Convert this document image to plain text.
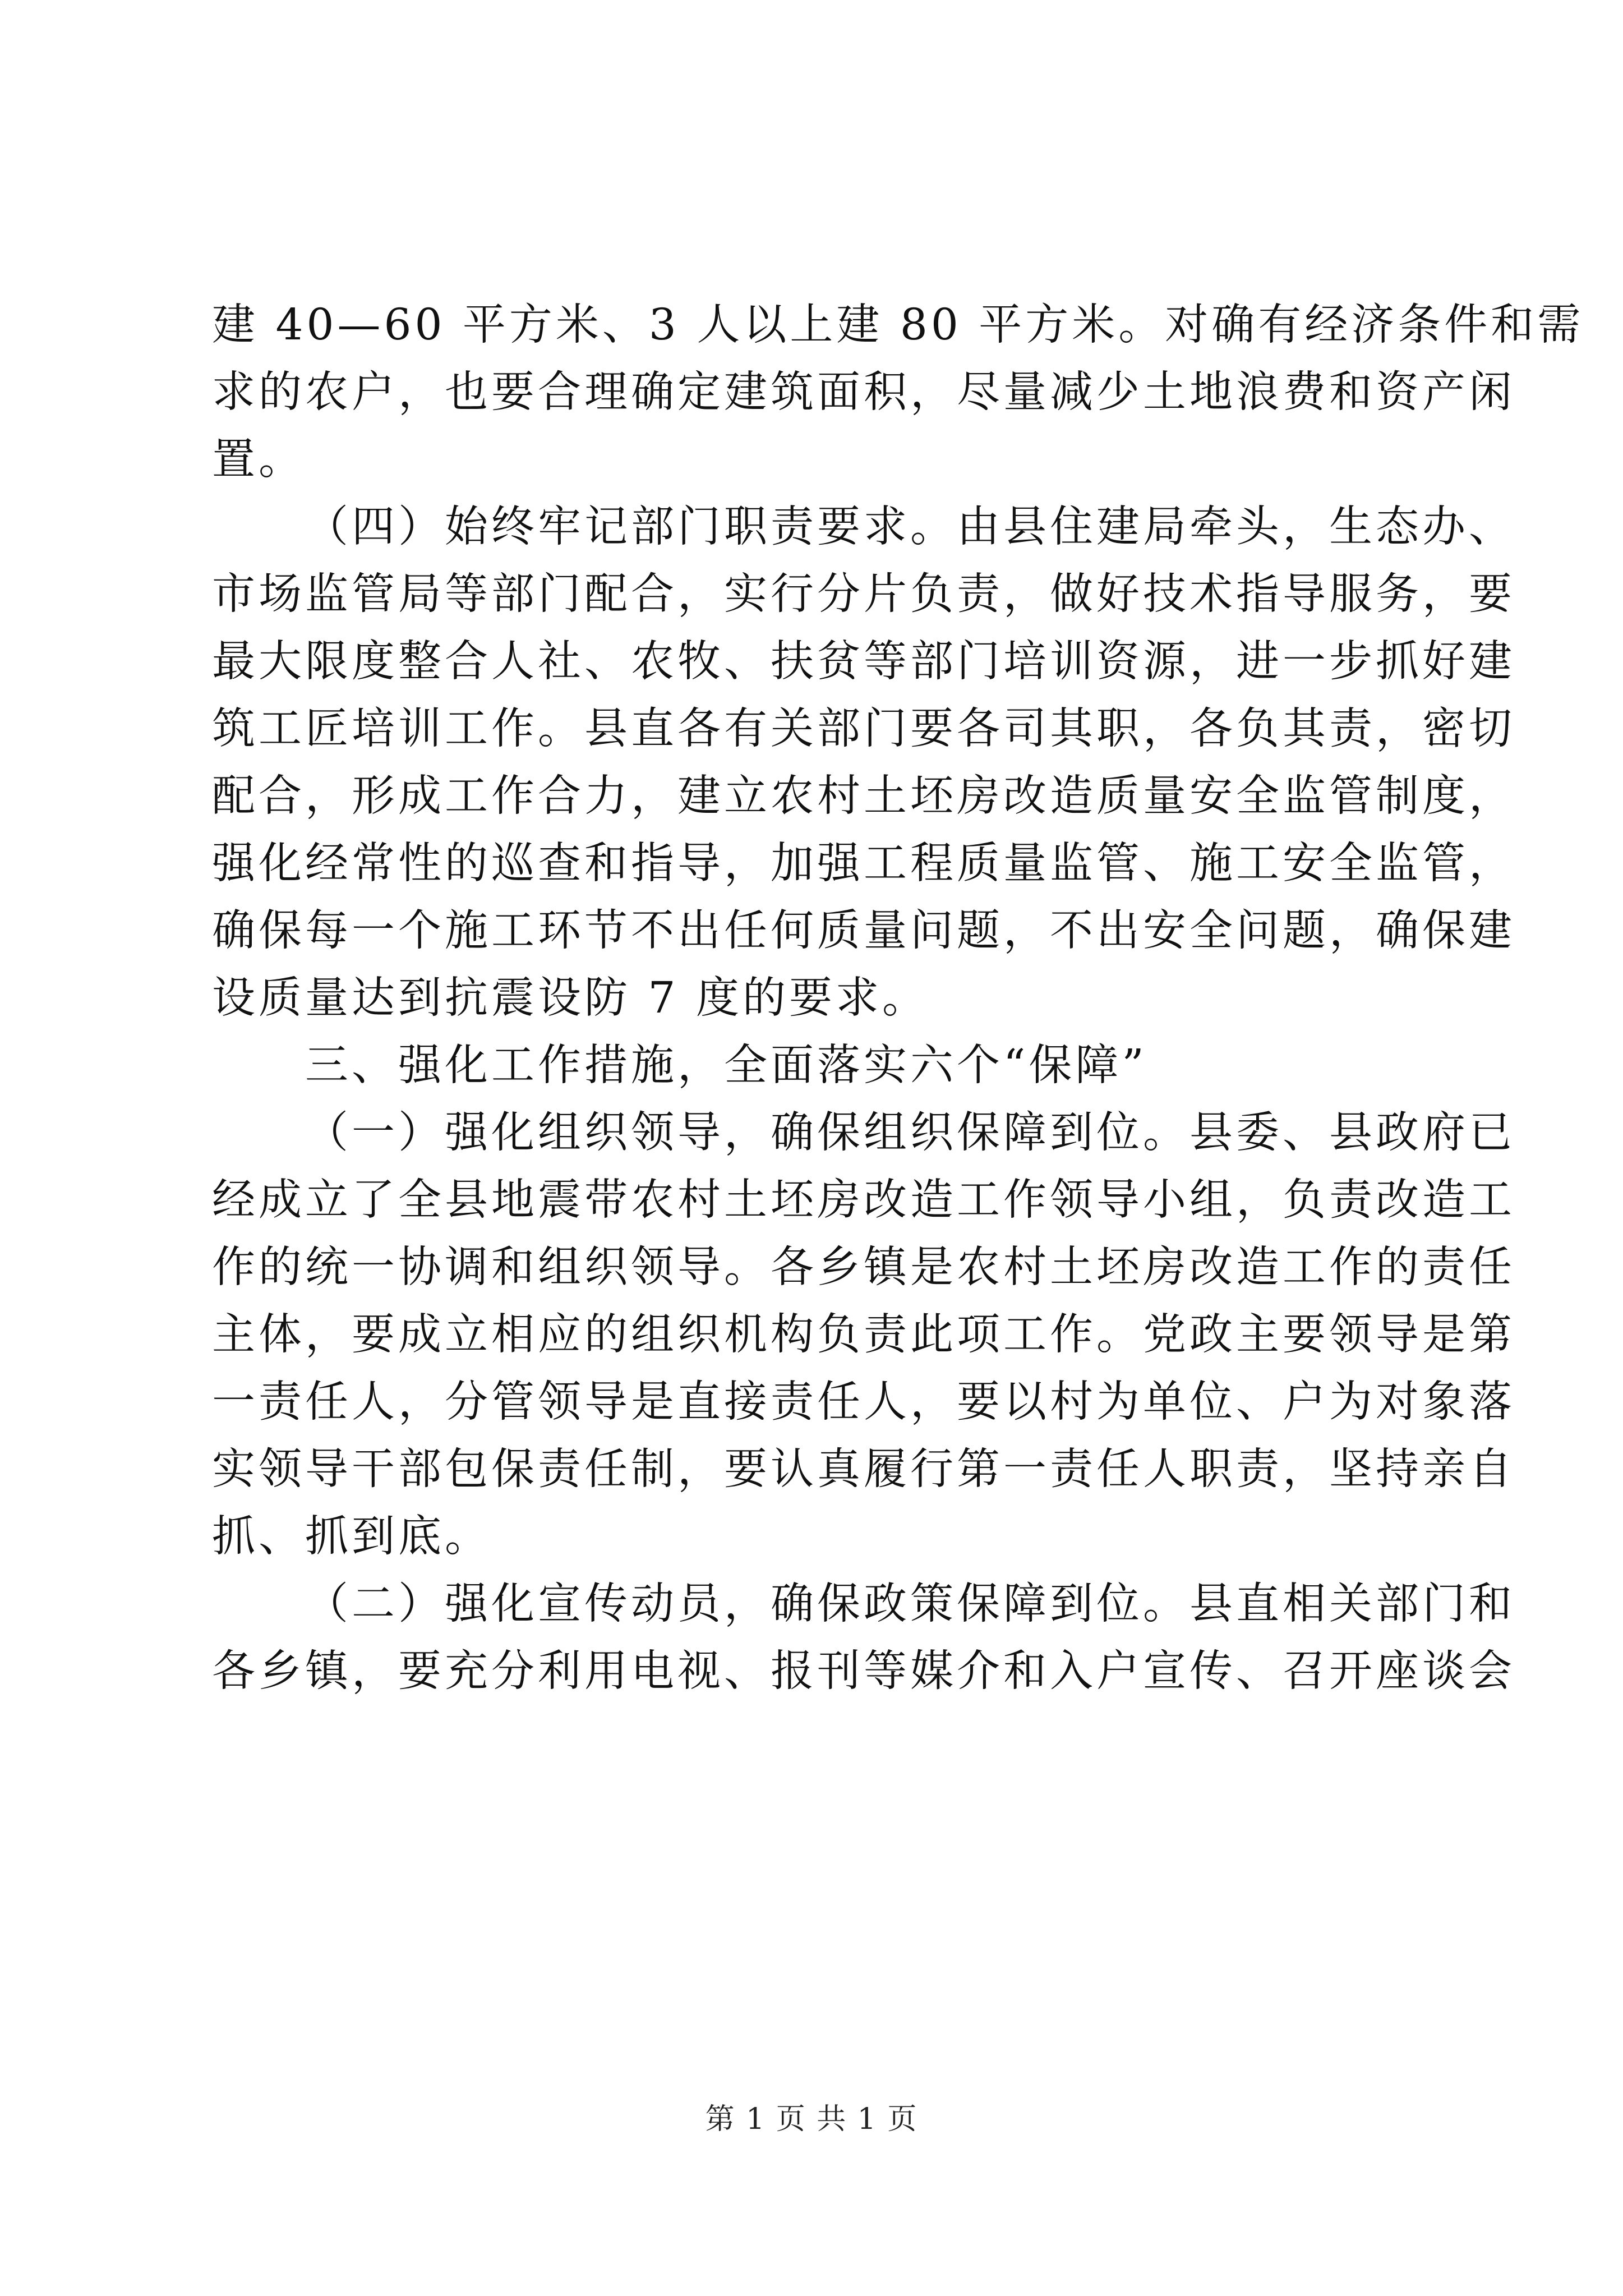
建 40—60 平方米、3 人以上建 80 平方米。对确有经济条件和需
求的农户，也要合理确定建筑面积，尽量减少土地浪费和资产闲
置。
（四）始终牢记部门职责要求。由县住建局牵头，生态办、
市场监管局等部门配合，实行分片负责，做好技术指导服务，要
最大限度整合人社、农牧、扶贫等部门培训资源，进一步抓好建
筑工匠培训工作。县直各有关部门要各司其职，各负其责，密切
配合，形成工作合力，建立农村土坯房改造质量安全监管制度，
强化经常性的巡查和指导，加强工程质量监管、施工安全监管，
确保每一个施工环节不出任何质量问题，不出安全问题，确保建
设质量达到抗震设防 7 度的要求。
三、强化工作措施，全面落实六个“保障”
（一）强化组织领导，确保组织保障到位。县委、县政府已
经成立了全县地震带农村土坯房改造工作领导小组，负责改造工
作的统一协调和组织领导。各乡镇是农村土坯房改造工作的责任
主体，要成立相应的组织机构负责此项工作。党政主要领导是第
一责任人，分管领导是直接责任人，要以村为单位、户为对象落
实领导干部包保责任制，要认真履行第一责任人职责，坚持亲自
抓、抓到底。
（二）强化宣传动员，确保政策保障到位。县直相关部门和
各乡镇，要充分利用电视、报刊等媒介和入户宣传、召开座谈会
第 1 页 共 1 页
